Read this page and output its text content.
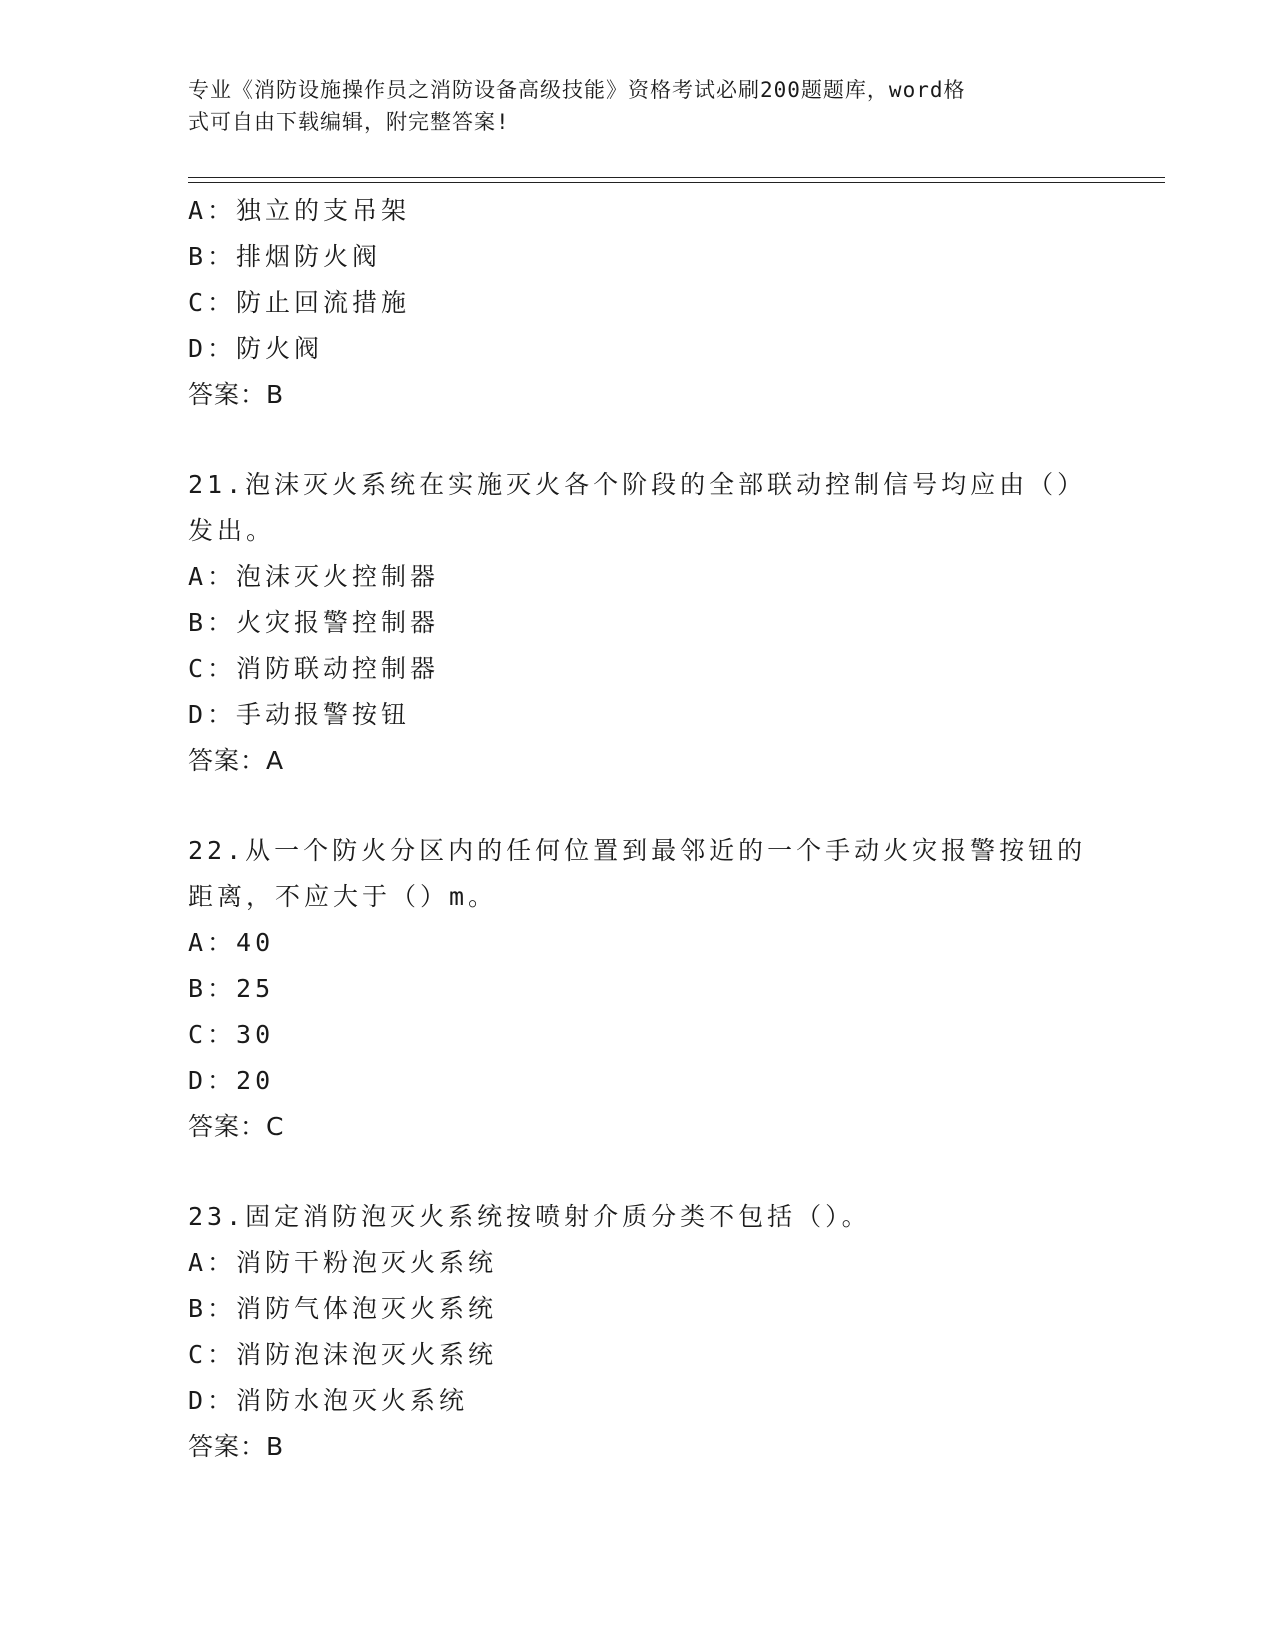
专业《消防设施操作员之消防设备高级技能》资格考试必刷200题题库，word格
式可自由下载编辑，附完整答案!
A：独立的支吊架
B：排烟防火阀
C：防止回流措施
D：防火阀
答案：B
21.泡沫灭火系统在实施灭火各个阶段的全部联动控制信号均应由（）
发出。
A：泡沫灭火控制器
B：火灾报警控制器
C：消防联动控制器
D：手动报警按钮
答案：A
22.从一个防火分区内的任何位置到最邻近的一个手动火灾报警按钮的
距离，不应大于（）m。
A：40
B：25
C：30
D：20
答案：C
23.固定消防泡灭火系统按喷射介质分类不包括（）。
A：消防干粉泡灭火系统
B：消防气体泡灭火系统
C：消防泡沫泡灭火系统
D：消防水泡灭火系统
答案：B
